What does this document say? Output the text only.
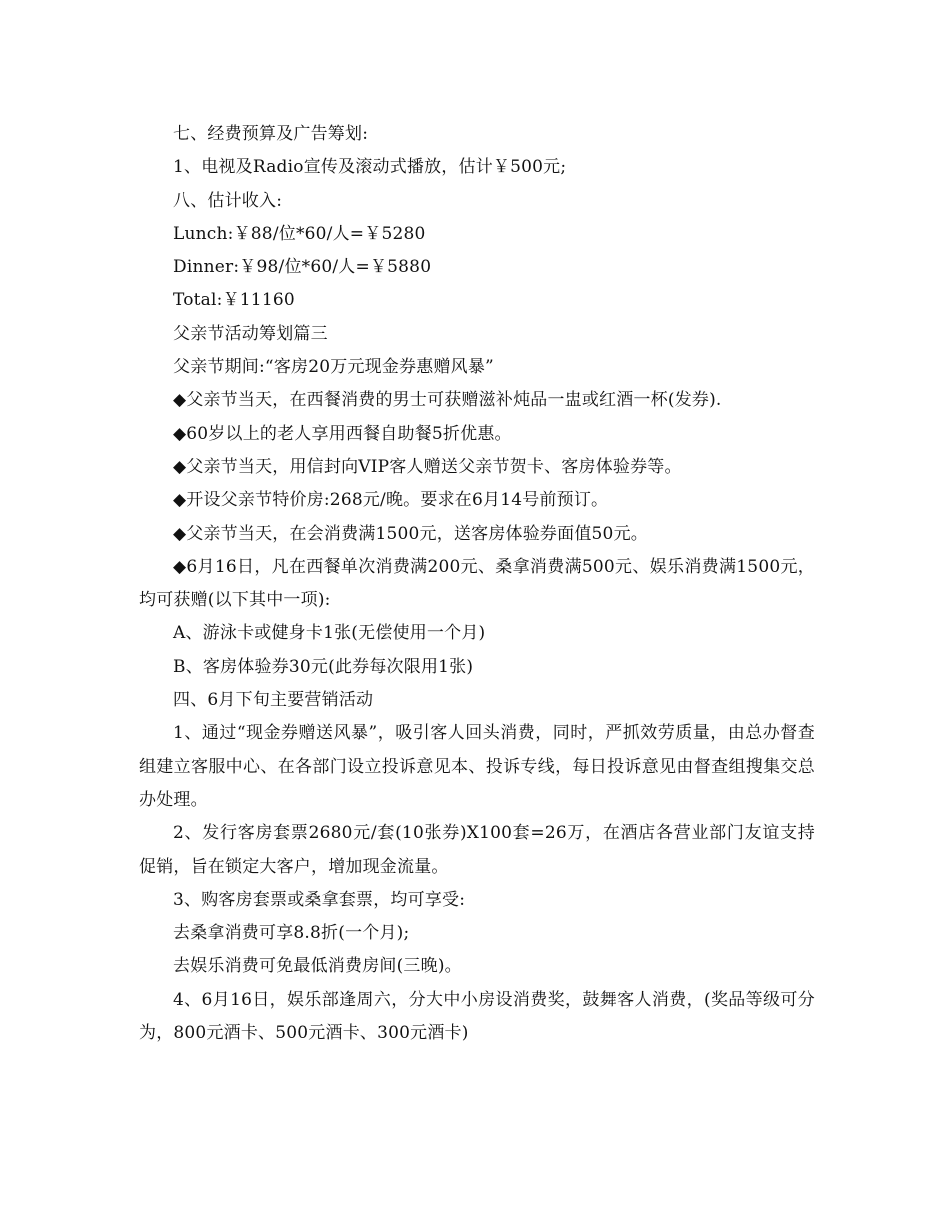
七、经费预算及广告筹划:

1、电视及Radio宣传及滚动式播放，估计￥500元;

八、估计收入:

Lunch:￥88/位*60/人=￥5280

Dinner:￥98/位*60/人=￥5880

Total:￥11160

父亲节活动筹划篇三

父亲节期间:“客房20万元现金券惠赠风暴”

◆父亲节当天，在西餐消费的男士可获赠滋补炖品一盅或红酒一杯(发券).

◆60岁以上的老人享用西餐自助餐5折优惠。

◆父亲节当天，用信封向VIP客人赠送父亲节贺卡、客房体验券等。

◆开设父亲节特价房:268元/晚。要求在6月14号前预订。

◆父亲节当天，在会消费满1500元，送客房体验券面值50元。

◆6月16日，凡在西餐单次消费满200元、桑拿消费满500元、娱乐消费满1500元，均可获赠(以下其中一项):

A、游泳卡或健身卡1张(无偿使用一个月)

B、客房体验券30元(此券每次限用1张)

四、6月下旬主要营销活动

1、通过“现金券赠送风暴”，吸引客人回头消费，同时，严抓效劳质量，由总办督查组建立客服中心、在各部门设立投诉意见本、投诉专线，每日投诉意见由督查组搜集交总办处理。

2、发行客房套票2680元/套(10张券)X100套=26万，在酒店各营业部门友谊支持促销，旨在锁定大客户，增加现金流量。

3、购客房套票或桑拿套票，均可享受:

去桑拿消费可享8.8折(一个月);

去娱乐消费可免最低消费房间(三晚)。

4、6月16日，娱乐部逢周六，分大中小房设消费奖，鼓舞客人消费，(奖品等级可分为，800元酒卡、500元酒卡、300元酒卡)
